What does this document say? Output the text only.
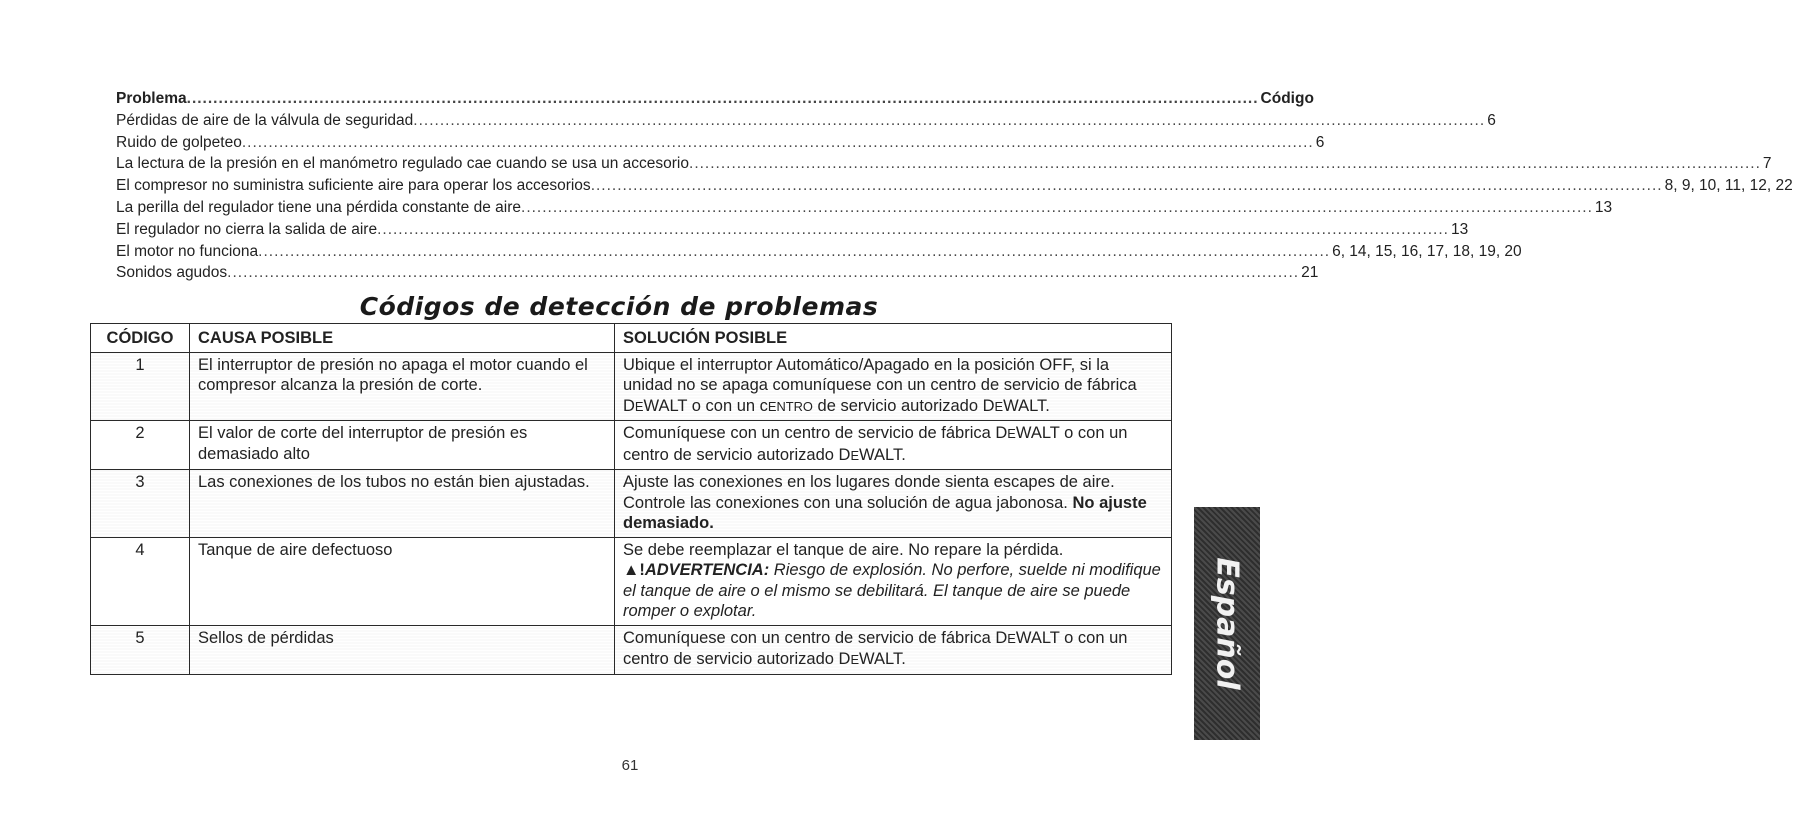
Problema .......................................................................................................................................................................................................... Código
Pérdidas de aire de la válvula de seguridad .......................................................................................................................................................................................................... 6
Ruido de golpeteo .......................................................................................................................................................................................................... 6
La lectura de la presión en el manómetro regulado cae cuando se usa un accesorio .......................................................................................................................................................................................................... 7
El compresor no suministra suficiente aire para operar los accesorios .......................................................................................................................................................................................................... 8, 9, 10, 11, 12, 22
La perilla del regulador tiene una pérdida constante de aire .......................................................................................................................................................................................................... 13
El regulador no cierra la salida de aire .......................................................................................................................................................................................................... 13
El motor no funciona .......................................................................................................................................................................................................... 6, 14, 15, 16, 17, 18, 19, 20
Sonidos agudos .......................................................................................................................................................................................................... 21
Códigos de detección de problemas
CÓDIGO	CAUSA POSIBLE	SOLUCIÓN POSIBLE
1	El interruptor de presión no apaga el motor cuando el compresor alcanza la presión de corte.	Ubique el interruptor Automático/Apagado en la posición OFF, si la unidad no se apaga comuníquese con un centro de servicio de fábrica DEWALT o con un cENTRO de servicio autorizado DEWALT.
2	El valor de corte del interruptor de presión es demasiado alto	Comuníquese con un centro de servicio de fábrica DEWALT o con un centro de servicio autorizado DEWALT.
3	Las conexiones de los tubos no están bien ajustadas.	Ajuste las conexiones en los lugares donde sienta escapes de aire. Controle las conexiones con una solución de agua jabonosa. No ajuste demasiado.
4	Tanque de aire defectuoso	Se debe reemplazar el tanque de aire. No repare la pérdida.
▲!ADVERTENCIA: Riesgo de explosión. No perfore, suelde ni modifique el tanque de aire o el mismo se debilitará. El tanque de aire se puede romper o explotar.

5	Sellos de pérdidas	Comuníquese con un centro de servicio de fábrica DEWALT o con un centro de servicio autorizado DEWALT.	Español
61
